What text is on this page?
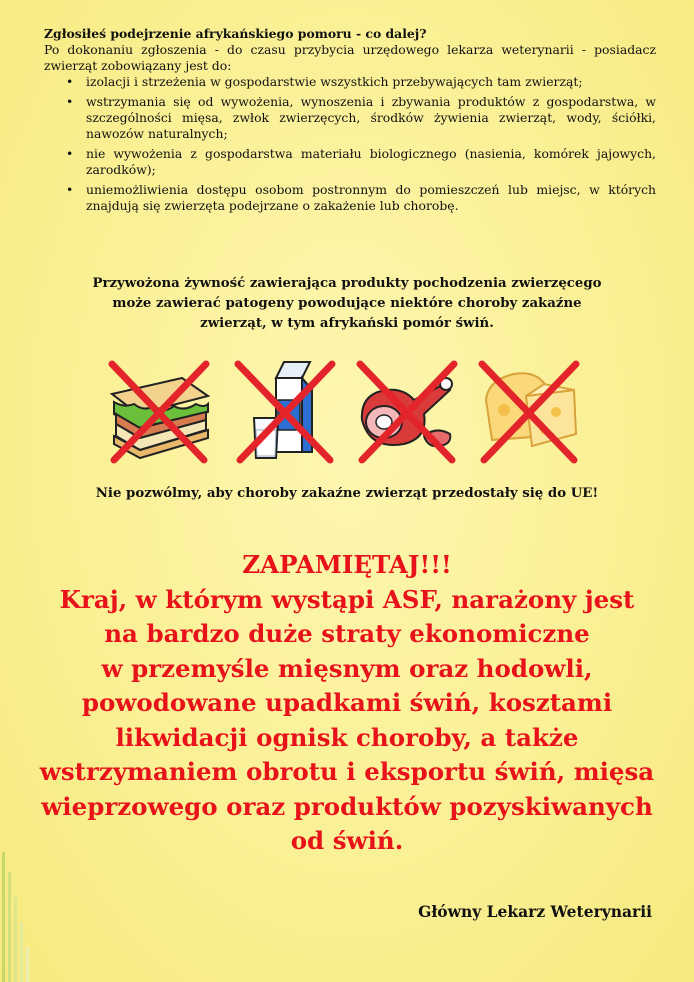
Zgłosiłeś podejrzenie afrykańskiego pomoru - co dalej?
Po dokonaniu zgłoszenia - do czasu przybycia urzędowego lekarza weterynarii - posiadacz zwierząt zobowiązany jest do:
• izolacji i strzeżenia w gospodarstwie wszystkich przebywających tam zwierząt;
• wstrzymania się od wywożenia, wynoszenia i zbywania produktów z gospodarstwa, w szczególności mięsa, zwłok zwierzęcych, środków żywienia zwierząt, wody, ściółki, nawozów naturalnych;
• nie wywożenia z gospodarstwa materiału biologicznego (nasienia, komórek jajowych, zarodków);
• uniemożliwienia dostępu osobom postronnym do pomieszczeń lub miejsc, w których znajdują się zwierzęta podejrzane o zakażenie lub chorobę.
Przywożona żywność zawierająca produkty pochodzenia zwierzęcego
może zawierać patogeny powodujące niektóre choroby zakaźne
zwierząt, w tym afrykański pomór świń.
Nie pozwólmy, aby choroby zakaźne zwierząt przedostały się do UE!
ZAPAMIĘTAJ!!!
Kraj, w którym wystąpi ASF, narażony jest
na bardzo duże straty ekonomiczne
w przemyśle mięsnym oraz hodowli,
powodowane upadkami świń, kosztami
likwidacji ognisk choroby, a także
wstrzymaniem obrotu i eksportu świń, mięsa
wieprzowego oraz produktów pozyskiwanych
od świń.
Główny Lekarz Weterynarii
